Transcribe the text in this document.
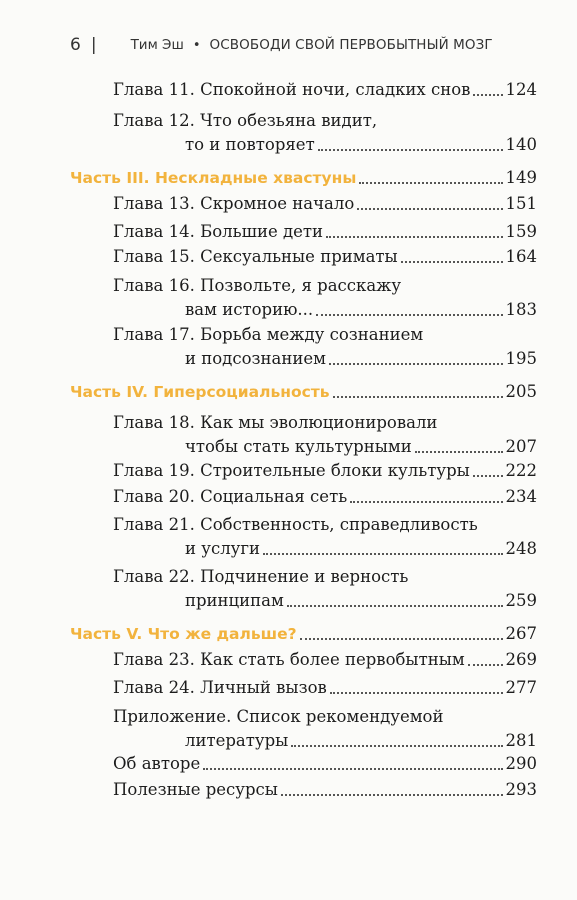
6 |	Тим Эш • ОСВОБОДИ СВОЙ ПЕРВОБЫТНЫЙ МОЗГ
Глава 11. Спокойной ночи, сладких снов 124
Глава 12. Что обезьяна видит,
то и повторяет	140
Часть III. Нескладные хвастуны	149
Глава 13. Скромное начало	151
Глава 14. Большие дети	159
Глава 15. Сексуальные приматы	164
Глава 16. Позвольте, я расскажу
вам историю...	183
Глава 17. Борьба между сознанием
и подсознанием	195
Часть IV. Гиперсоциальность	205
Глава 18. Как мы эволюционировали
чтобы стать культурными	207
Глава 19. Строительные блоки культуры 222
Глава 20. Социальная сеть	234
Глава 21. Собственность, справедливость
и услуги	248
Глава 22. Подчинение и верность
принципам	259
Часть V. Что же дальше?	267
Глава 23. Как стать более первобытным 269
Глава 24. Личный вызов	277
Приложение. Список рекомендуемой
литературы	281
Об авторе	290
Полезные ресурсы	293
